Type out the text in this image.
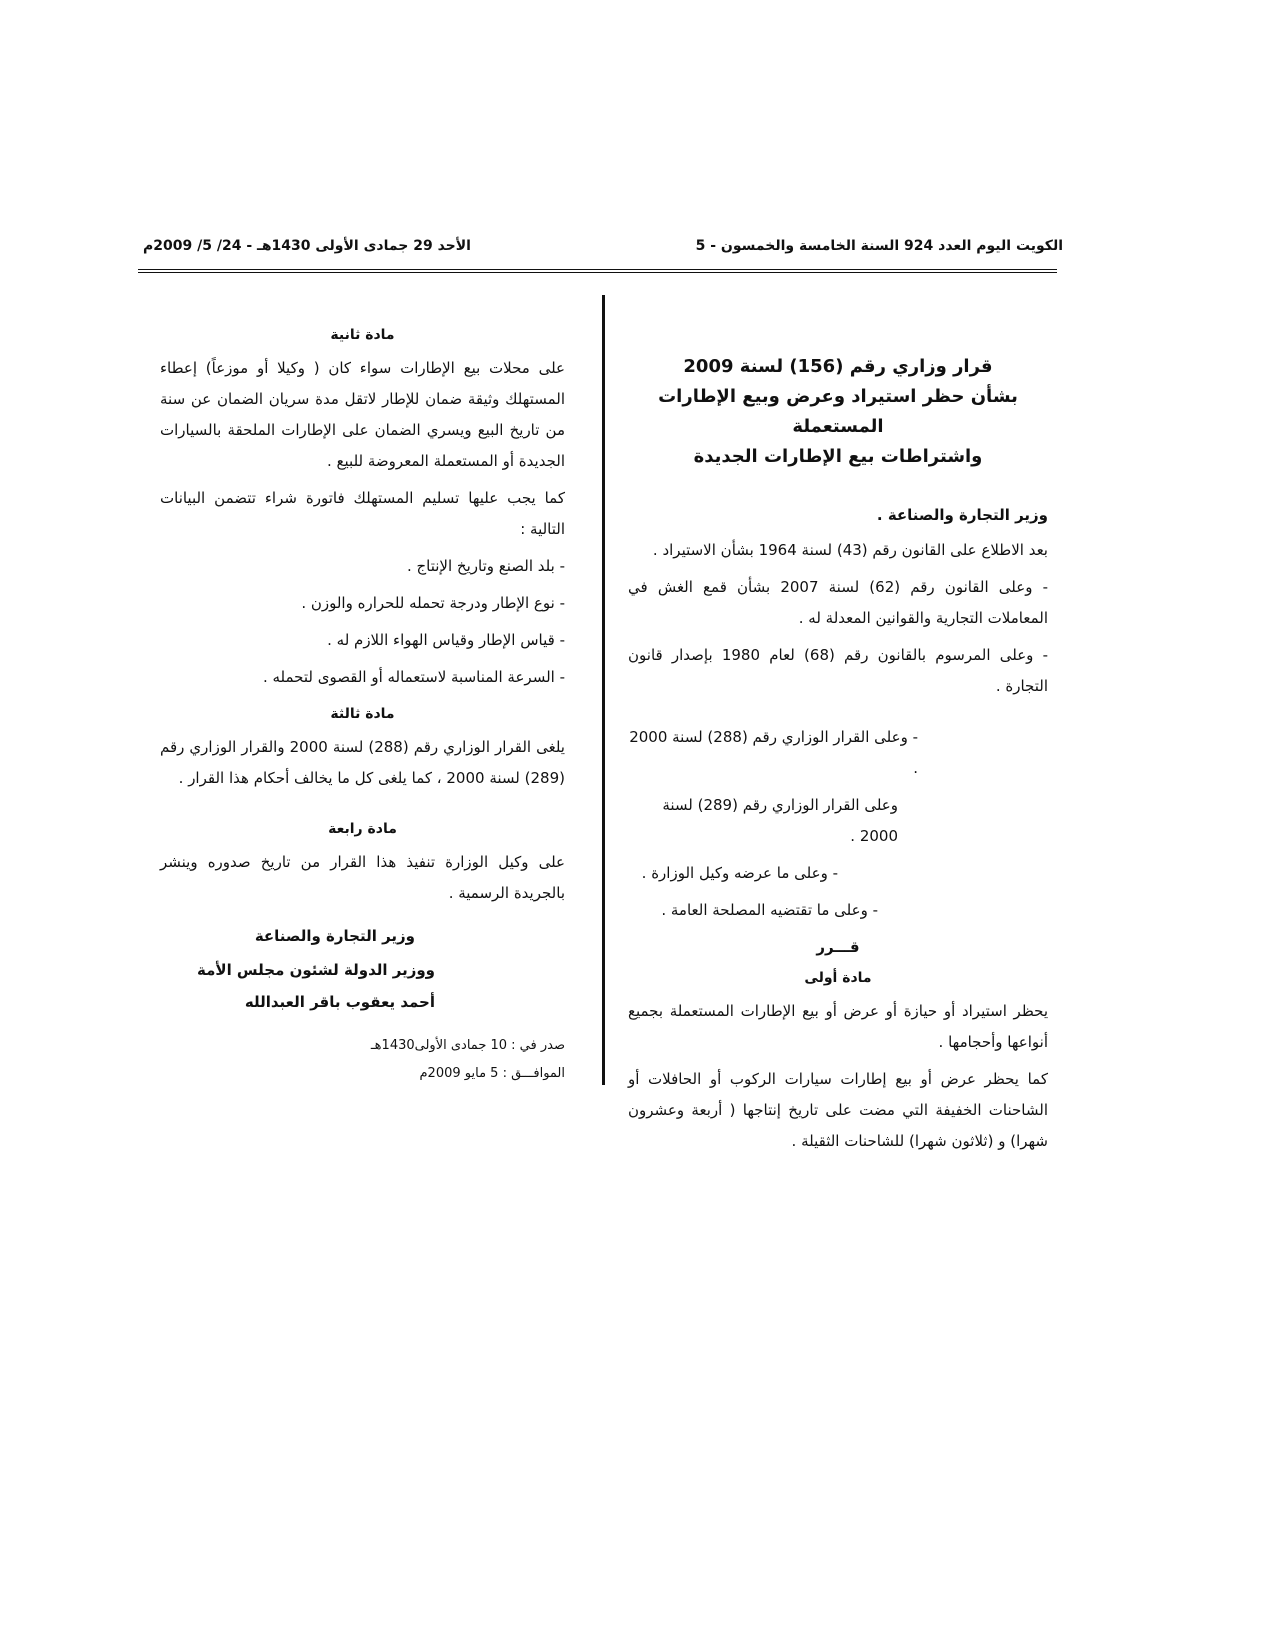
الكويت اليوم العدد 924 السنة الخامسة والخمسون - 5
الأحد 29 جمادى الأولى 1430هـ - 24/ 5/ 2009م
قرار وزاري رقم (156) لسنة 2009
بشأن حظر استيراد وعرض وبيع الإطارات المستعملة
واشتراطات بيع الإطارات الجديدة
وزير التجارة والصناعة .

بعد الاطلاع على القانون رقم (43) لسنة 1964 بشأن الاستيراد .

- وعلى القانون رقم (62) لسنة 2007 بشأن قمع الغش في المعاملات التجارية والقوانين المعدلة له .

- وعلى المرسوم بالقانون رقم (68) لعام 1980 بإصدار قانون التجارة .

- وعلى القرار الوزاري رقم (288) لسنة 2000 .

وعلى القرار الوزاري رقم (289) لسنة 2000 .

- وعلى ما عرضه وكيل الوزارة .

- وعلى ما تقتضيه المصلحة العامة .

قـــرر
مادة أولى

يحظر استيراد أو حيازة أو عرض أو بيع الإطارات المستعملة بجميع أنواعها وأحجامها .

كما يحظر عرض أو بيع إطارات سيارات الركوب أو الحافلات أو الشاحنات الخفيفة التي مضت على تاريخ إنتاجها ( أربعة وعشرون شهرا) و (ثلاثون شهرا) للشاحنات الثقيلة .

مادة ثانية

على محلات بيع الإطارات سواء كان ( وكيلا أو موزعاً) إعطاء المستهلك وثيقة ضمان للإطار لاتقل مدة سريان الضمان عن سنة من تاريخ البيع ويسري الضمان على الإطارات الملحقة بالسيارات الجديدة أو المستعملة المعروضة للبيع .

كما يجب عليها تسليم المستهلك فاتورة شراء تتضمن البيانات التالية :

- بلد الصنع وتاريخ الإنتاج .

- نوع الإطار ودرجة تحمله للحراره والوزن .

- قياس الإطار وقياس الهواء اللازم له .

- السرعة المناسبة لاستعماله أو القصوى لتحمله .

مادة ثالثة

يلغى القرار الوزاري رقم (288) لسنة 2000 والقرار الوزاري رقم (289) لسنة 2000 ، كما يلغى كل ما يخالف أحكام هذا القرار .

مادة رابعة

على وكيل الوزارة تنفيذ هذا القرار من تاريخ صدوره وينشر بالجريدة الرسمية .

وزير التجارة والصناعة
ووزير الدولة لشئون مجلس الأمة
أحمد يعقوب باقر العبدالله
صدر في : 10 جمادى الأولى1430هـ
الموافـــق : 5 مايو 2009م
